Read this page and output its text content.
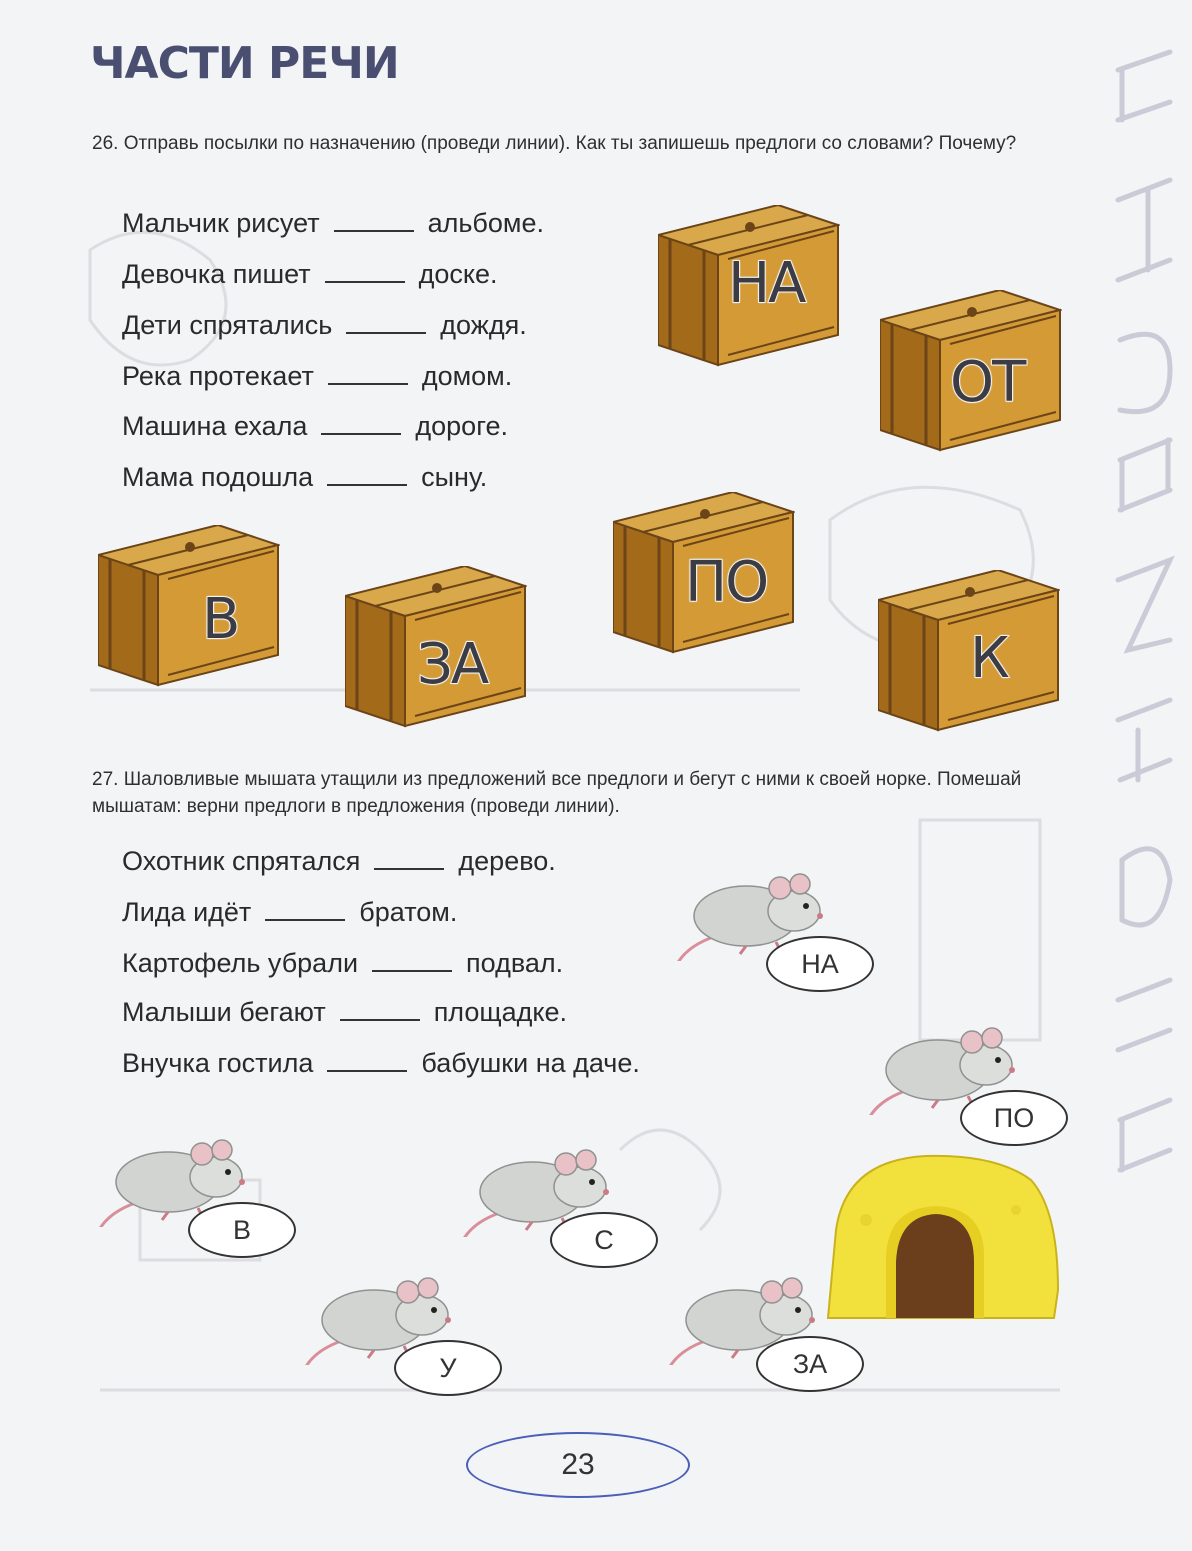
ЧАСТИ РЕЧИ
26. Отправь посылки по назначению (проведи линии). Как ты запишешь предлоги со словами? Почему?
Мальчик рисует	альбоме.
Девочка пишет	доске.
Дети спрятались	дождя.
Река протекает	домом.
Машина ехала	дороге.
Мама подошла	сыну.
НА
ОТ
В
ЗА
ПО
К
27. Шаловливые мышата утащили из предложений все предлоги и бегут с ними к своей норке. Помешай мышатам: верни предлоги в предложения (проведи линии).
Охотник спрятался	дерево.
Лида идёт	братом.
Картофель убрали	подвал.
Малыши бегают	площадке.
Внучка гостила	бабушки на даче.
НА
ПО
В	С
У	ЗА
23
